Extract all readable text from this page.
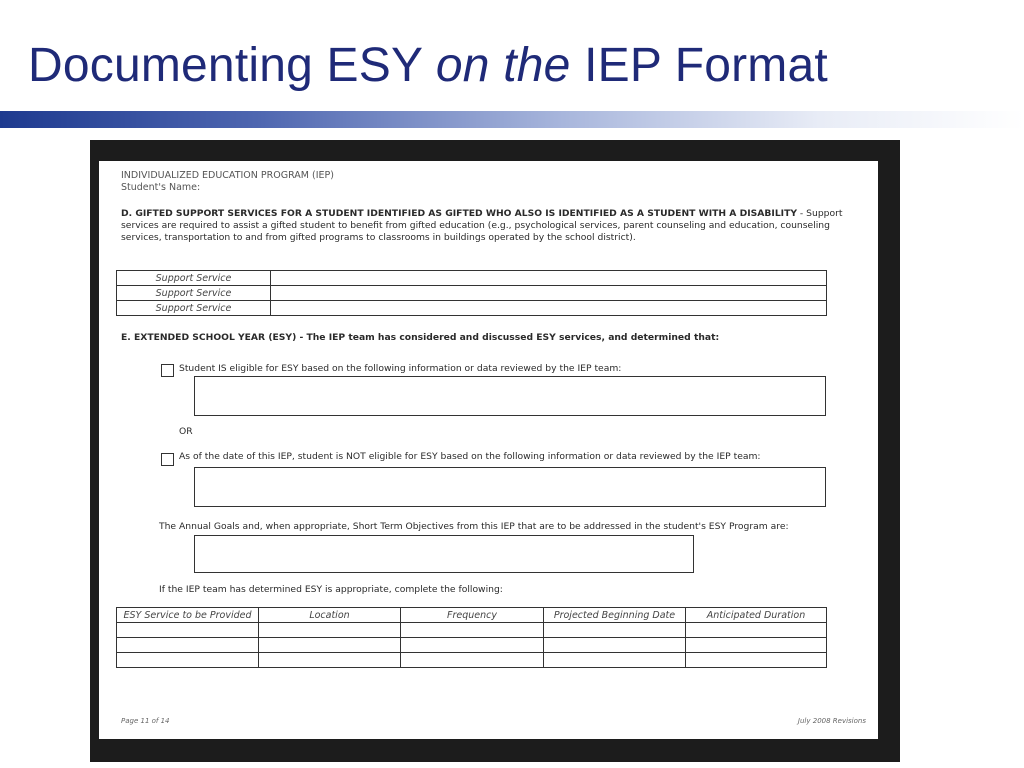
Documenting ESY on the IEP Format
INDIVIDUALIZED EDUCATION PROGRAM (IEP)
Student's Name:
D. GIFTED SUPPORT SERVICES FOR A STUDENT IDENTIFIED AS GIFTED WHO ALSO IS IDENTIFIED AS A STUDENT WITH A DISABILITY - Support services are required to assist a gifted student to benefit from gifted education (e.g., psychological services, parent counseling and education, counseling services, transportation to and from gifted programs to classrooms in buildings operated by the school district).
Support Service	
Support Service	
Support Service	
E. EXTENDED SCHOOL YEAR (ESY) - The IEP team has considered and discussed ESY services, and determined that:
Student IS eligible for ESY based on the following information or data reviewed by the IEP team:
OR
As of the date of this IEP, student is NOT eligible for ESY based on the following information or data reviewed by the IEP team:
The Annual Goals and, when appropriate, Short Term Objectives from this IEP that are to be addressed in the student's ESY Program are:
If the IEP team has determined ESY is appropriate, complete the following:
ESY Service to be Provided	Location	Frequency	Projected Beginning Date	Anticipated Duration

Page 11 of 14	July 2008 Revisions
